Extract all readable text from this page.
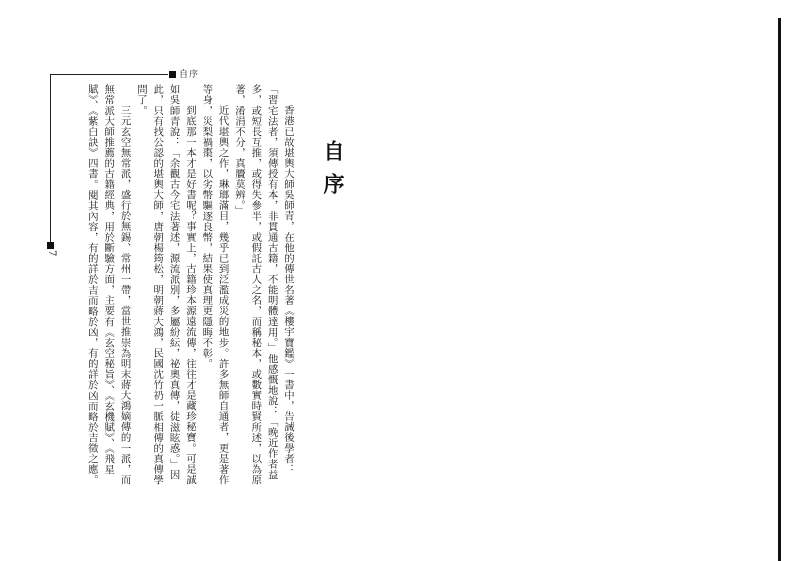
自序
7
自序

香港已故堪輿大師吳師青，在他的傳世名著《樓宇寶鑑》一書中，告誡後學者：「習宅法者，須傳授有本，非貫通古籍，不能明體達用。」他感慨地說：「晚近作者益多，或短長互推，或得失參半，或假託古人之名，而稱秘本，或數實時賢所述，以為原著，淆涓不分，真贗莫辨。」

近代堪輿之作，琳瑯滿目，幾乎已到泛濫成災的地步。許多無師自通者，更是著作等身，災梨禍棗，以劣幣驅逐良幣，結果使真理更隱晦不彰。

到底那一本才是好書呢？事實上，古籍珍本源遠流傳，往往才是藏珍秘寶。可是誠如吳師青說：「余觀古今宅法著述，源流派別，多屬紛紜，祕奧真傳，徒滋眩惑。」因此，只有找公認的堪輿大師，唐朝楊筠松，明朝蔣大鴻，民國沈竹礽一脈相傳的真傳學問了。

三元玄空無常派，盛行於無錫、常州一帶，當世推崇為明末蔣大鴻嫡傳的一派，而無常派大師推薦的古籍經典，用於斷驗方面，主要有《玄空秘旨》、《玄機賦》、《飛星賦》、《紫白訣》四書。閱其內容，有的詳於吉而略於凶，有的詳於凶而略於吉徵之應。
